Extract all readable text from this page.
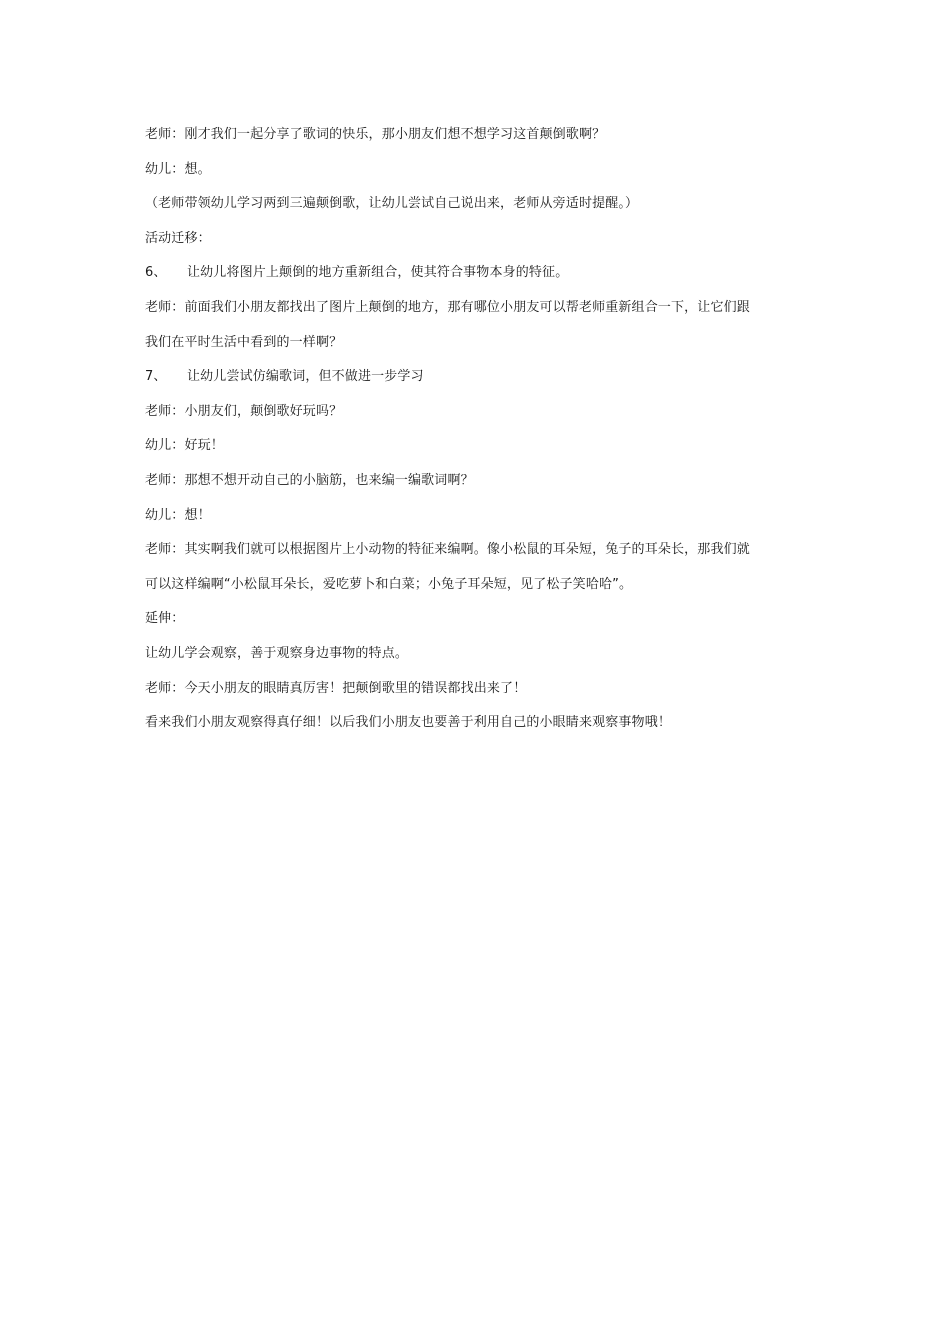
老师：刚才我们一起分享了歌词的快乐，那小朋友们想不想学习这首颠倒歌啊？

幼儿：想。

（老师带领幼儿学习两到三遍颠倒歌，让幼儿尝试自己说出来，老师从旁适时提醒。）

活动迁移：

6、	让幼儿将图片上颠倒的地方重新组合，使其符合事物本身的特征。

老师：前面我们小朋友都找出了图片上颠倒的地方，那有哪位小朋友可以帮老师重新组合一下，让它们跟

我们在平时生活中看到的一样啊？

7、	让幼儿尝试仿编歌词，但不做进一步学习

老师：小朋友们，颠倒歌好玩吗？

幼儿：好玩！

老师：那想不想开动自己的小脑筋，也来编一编歌词啊？

幼儿：想！

老师：其实啊我们就可以根据图片上小动物的特征来编啊。像小松鼠的耳朵短，兔子的耳朵长，那我们就

可以这样编啊“小松鼠耳朵长，爱吃萝卜和白菜；小兔子耳朵短，见了松子笑哈哈”。

延伸：

让幼儿学会观察，善于观察身边事物的特点。

老师：今天小朋友的眼睛真厉害！把颠倒歌里的错误都找出来了！

看来我们小朋友观察得真仔细！以后我们小朋友也要善于利用自己的小眼睛来观察事物哦！
